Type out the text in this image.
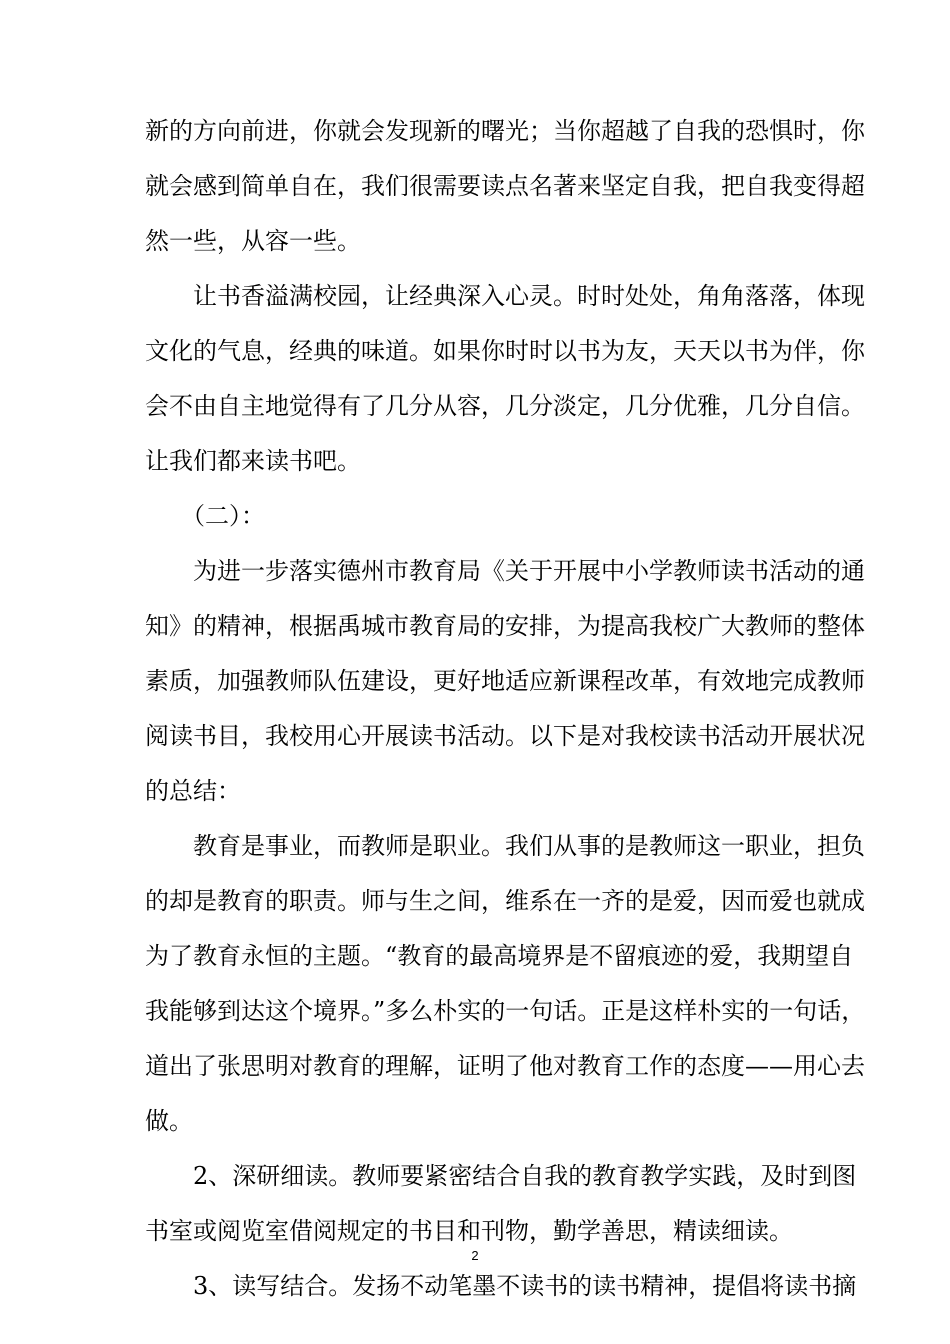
新的方向前进，你就会发现新的曙光；当你超越了自我的恐惧时，你
就会感到简单自在，我们很需要读点名著来坚定自我，把自我变得超
然一些，从容一些。
让书香溢满校园，让经典深入心灵。时时处处，角角落落，体现
文化的气息，经典的味道。如果你时时以书为友，天天以书为伴，你
会不由自主地觉得有了几分从容，几分淡定，几分优雅，几分自信。
让我们都来读书吧。
（二）：
为进一步落实德州市教育局《关于开展中小学教师读书活动的通
知》的精神，根据禹城市教育局的安排，为提高我校广大教师的整体
素质，加强教师队伍建设，更好地适应新课程改革，有效地完成教师
阅读书目，我校用心开展读书活动。以下是对我校读书活动开展状况
的总结：
教育是事业，而教师是职业。我们从事的是教师这一职业，担负
的却是教育的职责。师与生之间，维系在一齐的是爱，因而爱也就成
为了教育永恒的主题。“教育的最高境界是不留痕迹的爱，我期望自
我能够到达这个境界。”多么朴实的一句话。正是这样朴实的一句话，
道出了张思明对教育的理解，证明了他对教育工作的态度——用心去
做。
2、深研细读。教师要紧密结合自我的教育教学实践，及时到图
书室或阅览室借阅规定的书目和刊物，勤学善思，精读细读。
3、读写结合。发扬不动笔墨不读书的读书精神，提倡将读书摘
2
